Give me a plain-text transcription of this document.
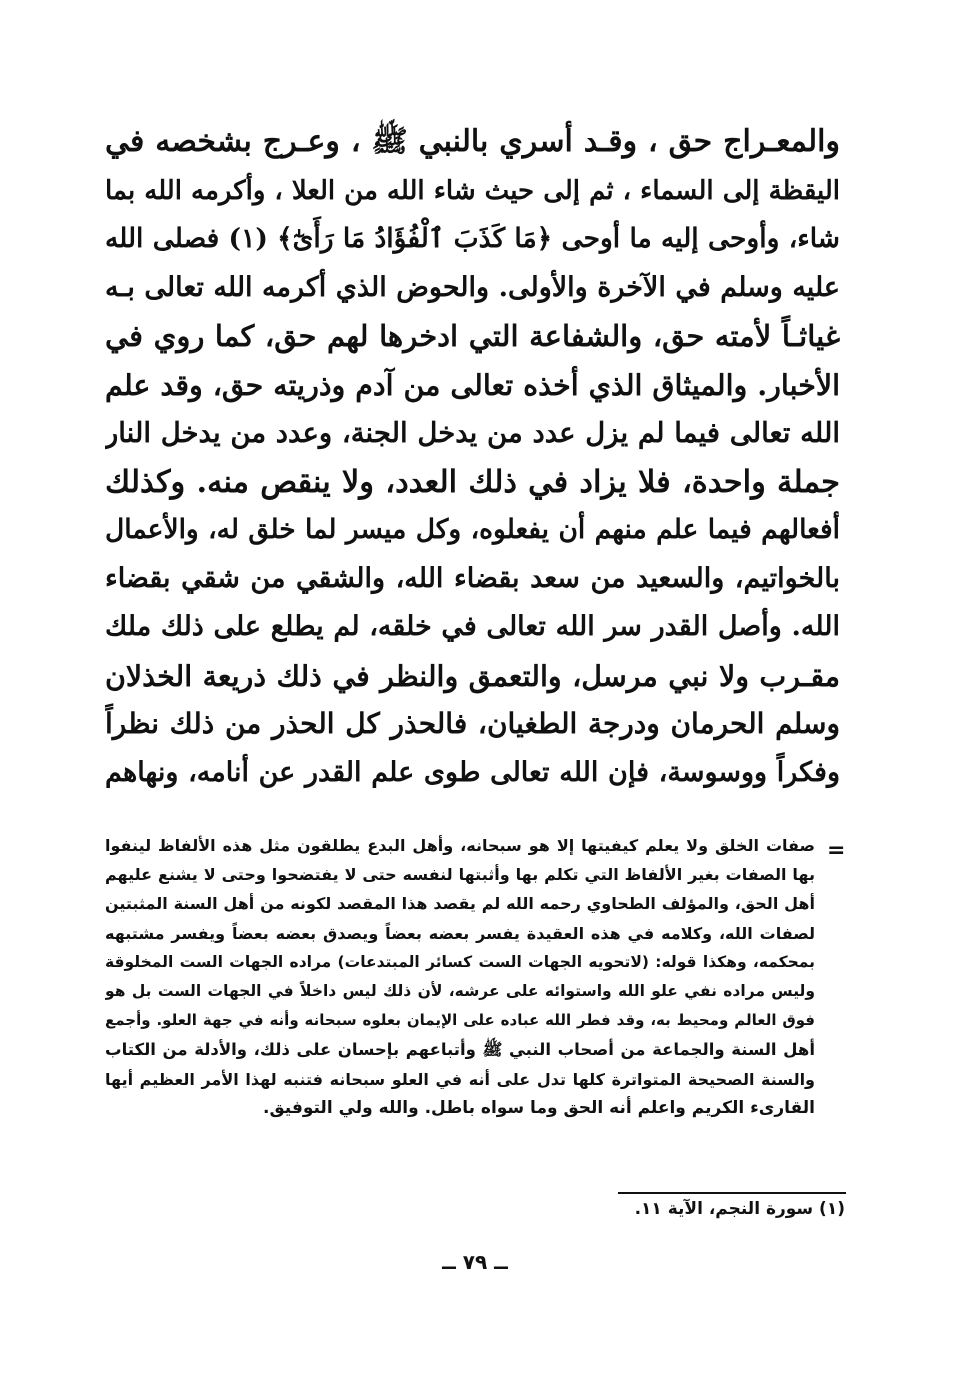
والمعـراج حق ، وقـد أسري بالنبي ﷺ ، وعـرج بشخصه في
اليقظة إلى السماء ، ثم إلى حيث شاء الله من العلا ، وأكرمه الله بما
شاء، وأوحى إليه ما أوحى ﴿مَا كَذَبَ ٱلْفُؤَادُ مَا رَأَىٰٓ﴾ (١) فصلى الله
عليه وسلم في الآخرة والأولى. والحوض الذي أكرمه الله تعالى بـه
غياثـاً لأمته حق، والشفاعة التي ادخرها لهم حق، كما روي في
الأخبار. والميثاق الذي أخذه تعالى من آدم وذريته حق، وقد علم
الله تعالى فيما لم يزل عدد من يدخل الجنة، وعدد من يدخل النار
جملة واحدة، فلا يزاد في ذلك العدد، ولا ينقص منه. وكذلك
أفعالهم فيما علم منهم أن يفعلوه، وكل ميسر لما خلق له، والأعمال
بالخواتيم، والسعيد من سعد بقضاء الله، والشقي من شقي بقضاء
الله. وأصل القدر سر الله تعالى في خلقه، لم يطلع على ذلك ملك
مقـرب ولا نبي مرسل، والتعمق والنظر في ذلك ذريعة الخذلان
وسلم الحرمان ودرجة الطغيان، فالحذر كل الحذر من ذلك نظراً
وفكراً ووسوسة، فإن الله تعالى طوى علم القدر عن أنامه، ونهاهم
=
صفات الخلق ولا يعلم كيفيتها إلا هو سبحانه، وأهل البدع يطلقون مثل هذه الألفاظ لينفوا
بها الصفات بغير الألفاظ التي تكلم بها وأثبتها لنفسه حتى لا يفتضحوا وحتى لا يشنع عليهم
أهل الحق، والمؤلف الطحاوي رحمه الله لم يقصد هذا المقصد لكونه من أهل السنة المثبتين
لصفات الله، وكلامه في هذه العقيدة يفسر بعضه بعضاً ويصدق بعضه بعضاً ويفسر مشتبهه
بمحكمه، وهكذا قوله: (لاتحويه الجهات الست كسائر المبتدعات) مراده الجهات الست المخلوقة
وليس مراده نفي علو الله واستوائه على عرشه، لأن ذلك ليس داخلاً في الجهات الست بل هو
فوق العالم ومحيط به، وقد فطر الله عباده على الإيمان بعلوه سبحانه وأنه في جهة العلو. وأجمع
أهل السنة والجماعة من أصحاب النبي ﷺ وأتباعهم بإحسان على ذلك، والأدلة من الكتاب
والسنة الصحيحة المتواترة كلها تدل على أنه في العلو سبحانه فتنبه لهذا الأمر العظيم أيها
القارىء الكريم واعلم أنه الحق وما سواه باطل. والله ولي التوفيق.
(١) سورة النجم، الآية ١١.
ــ ٧٩ ــ
